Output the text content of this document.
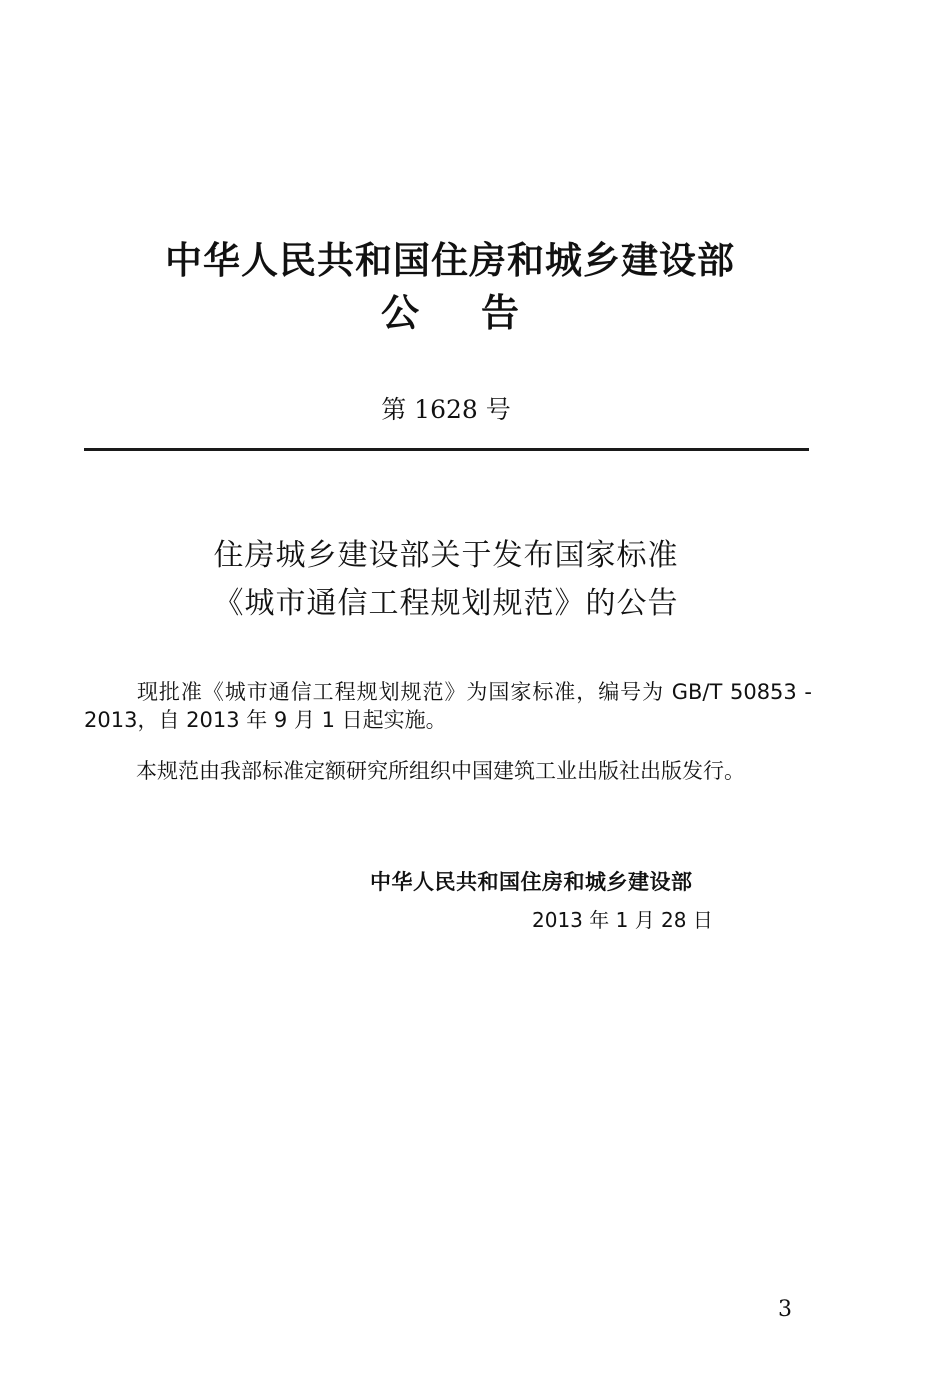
中华人民共和国住房和城乡建设部
公告
第 1628 号
住房城乡建设部关于发布国家标准
《城市通信工程规划规范》的公告
现批准《城市通信工程规划规范》为国家标准，编号为 GB/T 50853 - 2013，自 2013 年 9 月 1 日起实施。
本规范由我部标准定额研究所组织中国建筑工业出版社出版发行。
中华人民共和国住房和城乡建设部
2013 年 1 月 28 日
3
